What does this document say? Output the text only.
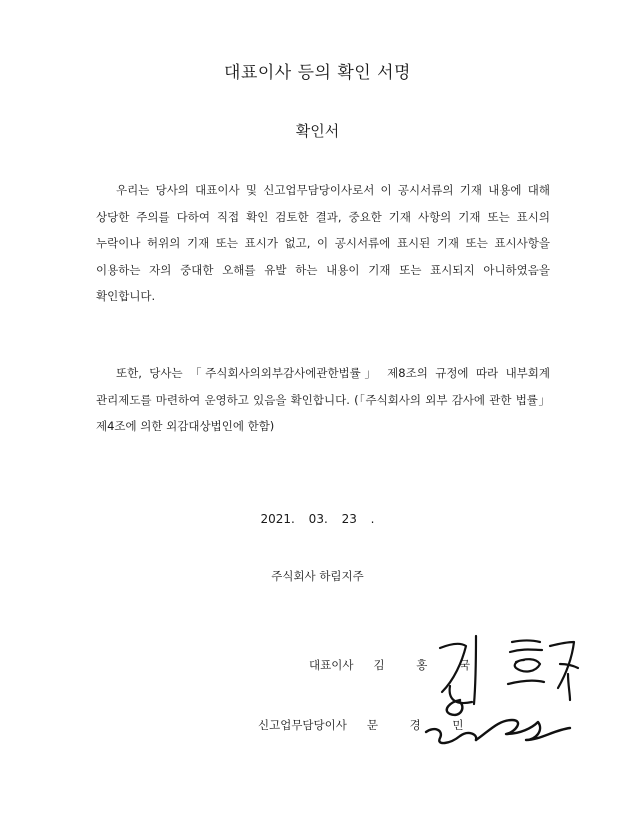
대표이사 등의 확인 서명
확인서

우리는 당사의 대표이사 및 신고업무담당이사로서 이 공시서류의 기재 내용에 대해 상당한 주의를 다하여 직접 확인 검토한 결과, 중요한 기재 사항의 기재 또는 표시의 누락이나 허위의 기재 또는 표시가 없고, 이 공시서류에 표시된 기재 또는 표시사항을 이용하는 자의 중대한 오해를 유발 하는 내용이 기재 또는 표시되지 아니하였음을 확인합니다.

또한, 당사는 「주식회사의외부감사에관한법률」 제8조의 규정에 따라 내부회계 관리제도를 마련하여 운영하고 있음을 확인합니다. (「주식회사의 외부 감사에 관한 법률」 제4조에 의한 외감대상법인에 한함)

2021. 03. 23 .
주식회사 하림지주
대표이사 김 홍 국
신고업무담당이사 문 경 민
